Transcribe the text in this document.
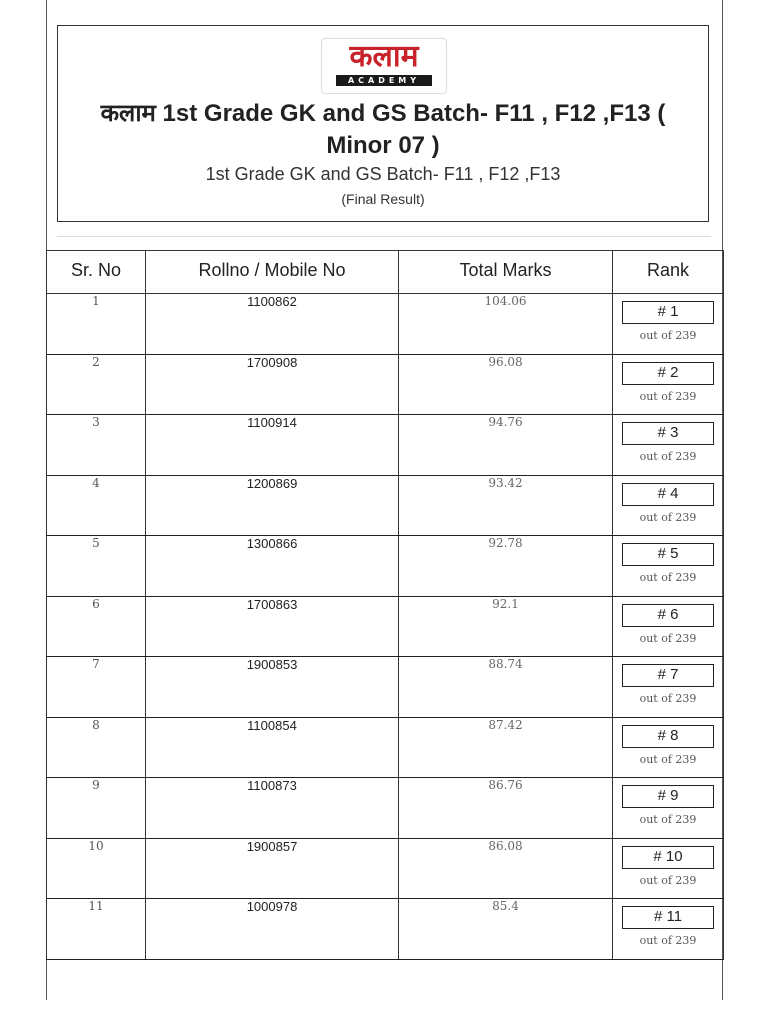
कलाम
ACADEMY
कलाम 1st Grade GK and GS Batch- F11 , F12 ,F13 ( Minor 07 )
1st Grade GK and GS Batch- F11 , F12 ,F13
(Final Result)
Sr. No	Rollno / Mobile No	Total Marks	Rank
1	1100862	104.06	# 1
out of 239

2	1700908	96.08	# 2
out of 239

3	1100914	94.76	# 3
out of 239

4	1200869	93.42	# 4
out of 239

5	1300866	92.78	# 5
out of 239

6	1700863	92.1	# 6
out of 239

7	1900853	88.74	# 7
out of 239

8	1100854	87.42	# 8
out of 239

9	1100873	86.76	# 9
out of 239

10	1900857	86.08	# 10
out of 239

11	1000978	85.4	# 11
out of 239
